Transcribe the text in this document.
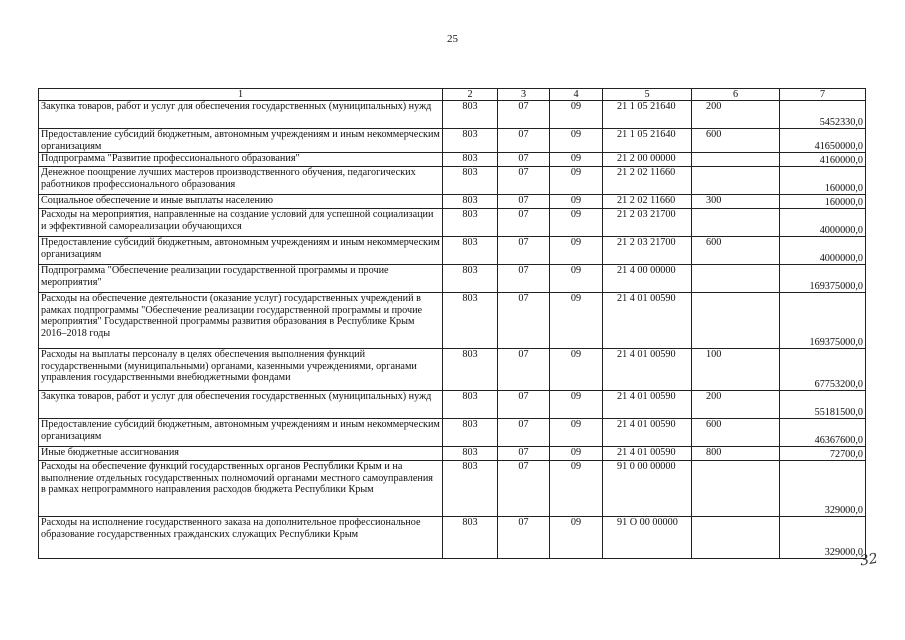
25
1	2	3	4	5	6	7
Закупка товаров, работ и услуг для обеспечения государственных (муниципальных) нужд	803	07	09	21 1 05 21640	200	5452330,0
Предоставление субсидий бюджетным, автономным учреждениям и иным некоммерческим организациям	803	07	09	21 1 05 21640	600	41650000,0
Подпрограмма "Развитие профессионального образования"	803	07	09	21 2 00 00000		4160000,0
Денежное поощрение лучших мастеров производственного обучения, педагогических работников профессионального образования	803	07	09	21 2 02 11660		160000,0
Социальное обеспечение и иные выплаты населению	803	07	09	21 2 02 11660	300	160000,0
Расходы на мероприятия, направленные на создание условий для успешной социализации и эффективной самореализации обучающихся	803	07	09	21 2 03 21700		4000000,0
Предоставление субсидий бюджетным, автономным учреждениям и иным некоммерческим организациям	803	07	09	21 2 03 21700	600	4000000,0
Подпрограмма "Обеспечение реализации государственной программы и прочие мероприятия"	803	07	09	21 4 00 00000		169375000,0
Расходы на обеспечение деятельности (оказание услуг) государственных учреждений в рамках подпрограммы "Обеспечение реализации государственной программы и прочие мероприятия" Государственной программы развития образования в Республике Крым 2016–2018 годы	803	07	09	21 4 01 00590		169375000,0
Расходы на выплаты персоналу в целях обеспечения выполнения функций государственными (муниципальными) органами, казенными учреждениями, органами управления государственными внебюджетными фондами	803	07	09	21 4 01 00590	100	67753200,0
Закупка товаров, работ и услуг для обеспечения государственных (муниципальных) нужд	803	07	09	21 4 01 00590	200	55181500,0
Предоставление субсидий бюджетным, автономным учреждениям и иным некоммерческим организациям	803	07	09	21 4 01 00590	600	46367600,0
Иные бюджетные ассигнования	803	07	09	21 4 01 00590	800	72700,0
Расходы на обеспечение функций государственных органов Республики Крым и на выполнение отдельных государственных полномочий органами местного самоуправления в рамках непрограммного направления расходов бюджета Республики Крым	803	07	09	91 0 00 00000		329000,0
Расходы на исполнение государственного заказа на дополнительное профессиональное образование государственных гражданских служащих Республики Крым	803	07	09	91 О 00 00000		329000,0
32
